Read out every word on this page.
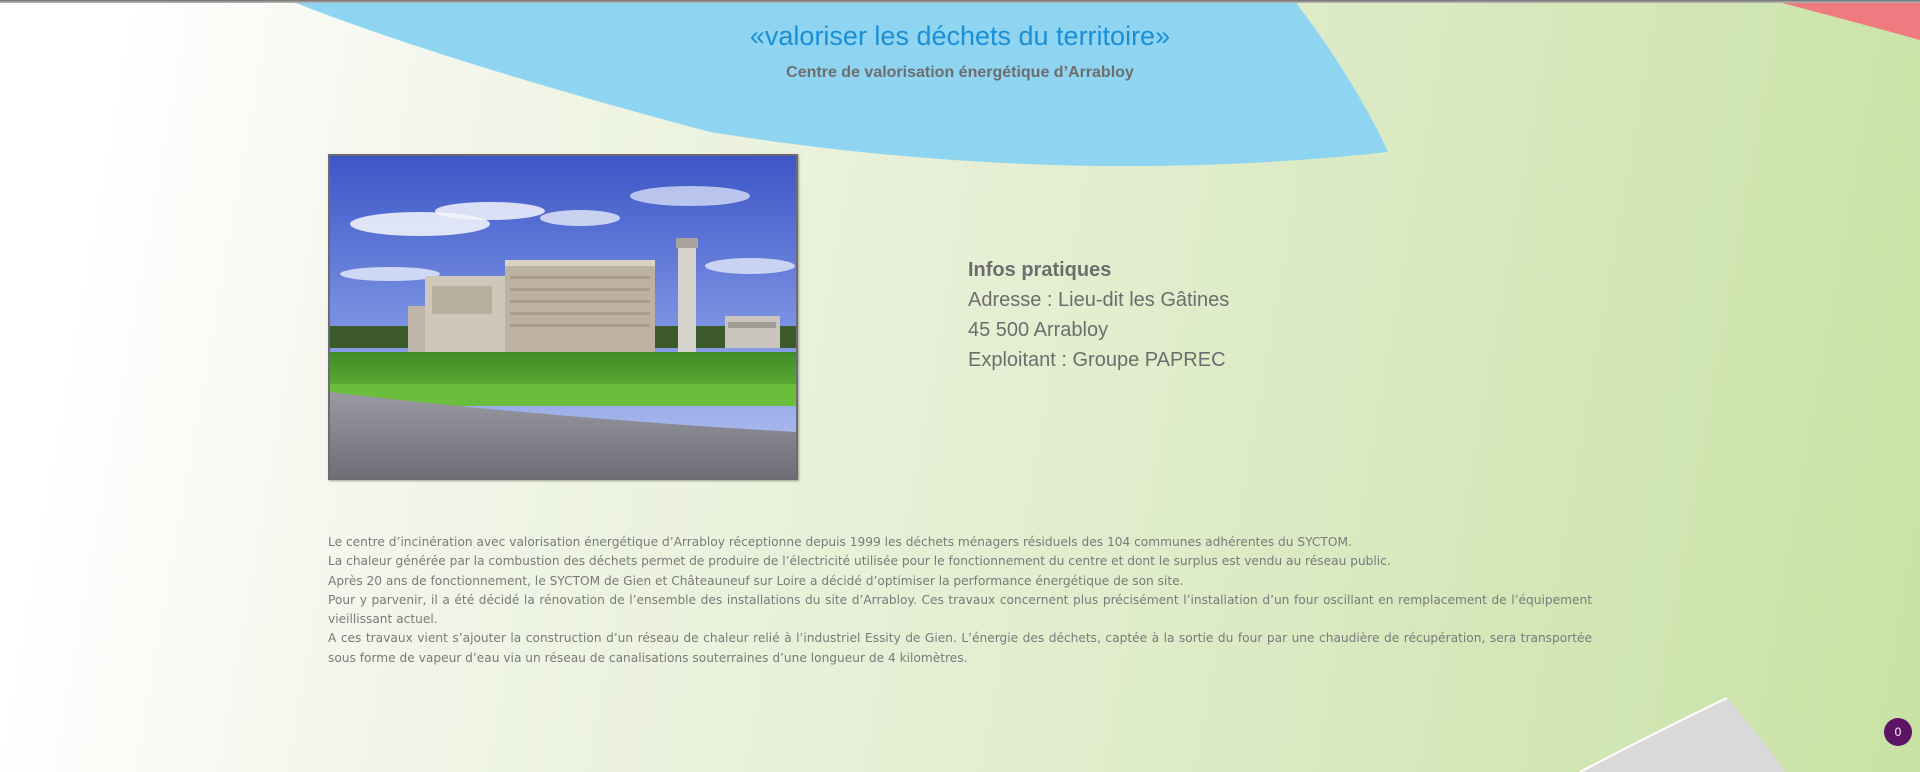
«valoriser les déchets du territoire»
Centre de valorisation énergétique d’Arrabloy
Infos pratiques
Adresse : Lieu-dit les Gâtines
45 500 Arrabloy
Exploitant : Groupe PAPREC

Le centre d’incinération avec valorisation énergétique d’Arrabloy réceptionne depuis 1999 les déchets ménagers résiduels des 104 communes adhérentes du SYCTOM.

La chaleur générée par la combustion des déchets permet de produire de l’électricité utilisée pour le fonctionnement du centre et dont le surplus est vendu au réseau public.

Après 20 ans de fonctionnement, le SYCTOM de Gien et Châteauneuf sur Loire a décidé d’optimiser la performance énergétique de son site.

Pour y parvenir, il a été décidé la rénovation de l’ensemble des installations du site d’Arrabloy. Ces travaux concernent plus précisément l’installation d’un four oscillant en remplacement de l’équipement vieillissant actuel.

A ces travaux vient s’ajouter la construction d’un réseau de chaleur relié à l’industriel Essity de Gien. L’énergie des déchets, captée à la sortie du four par une chaudière de récupération, sera transportée sous forme de vapeur d’eau via un réseau de canalisations souterraines d’une longueur de 4 kilomètres.

0
